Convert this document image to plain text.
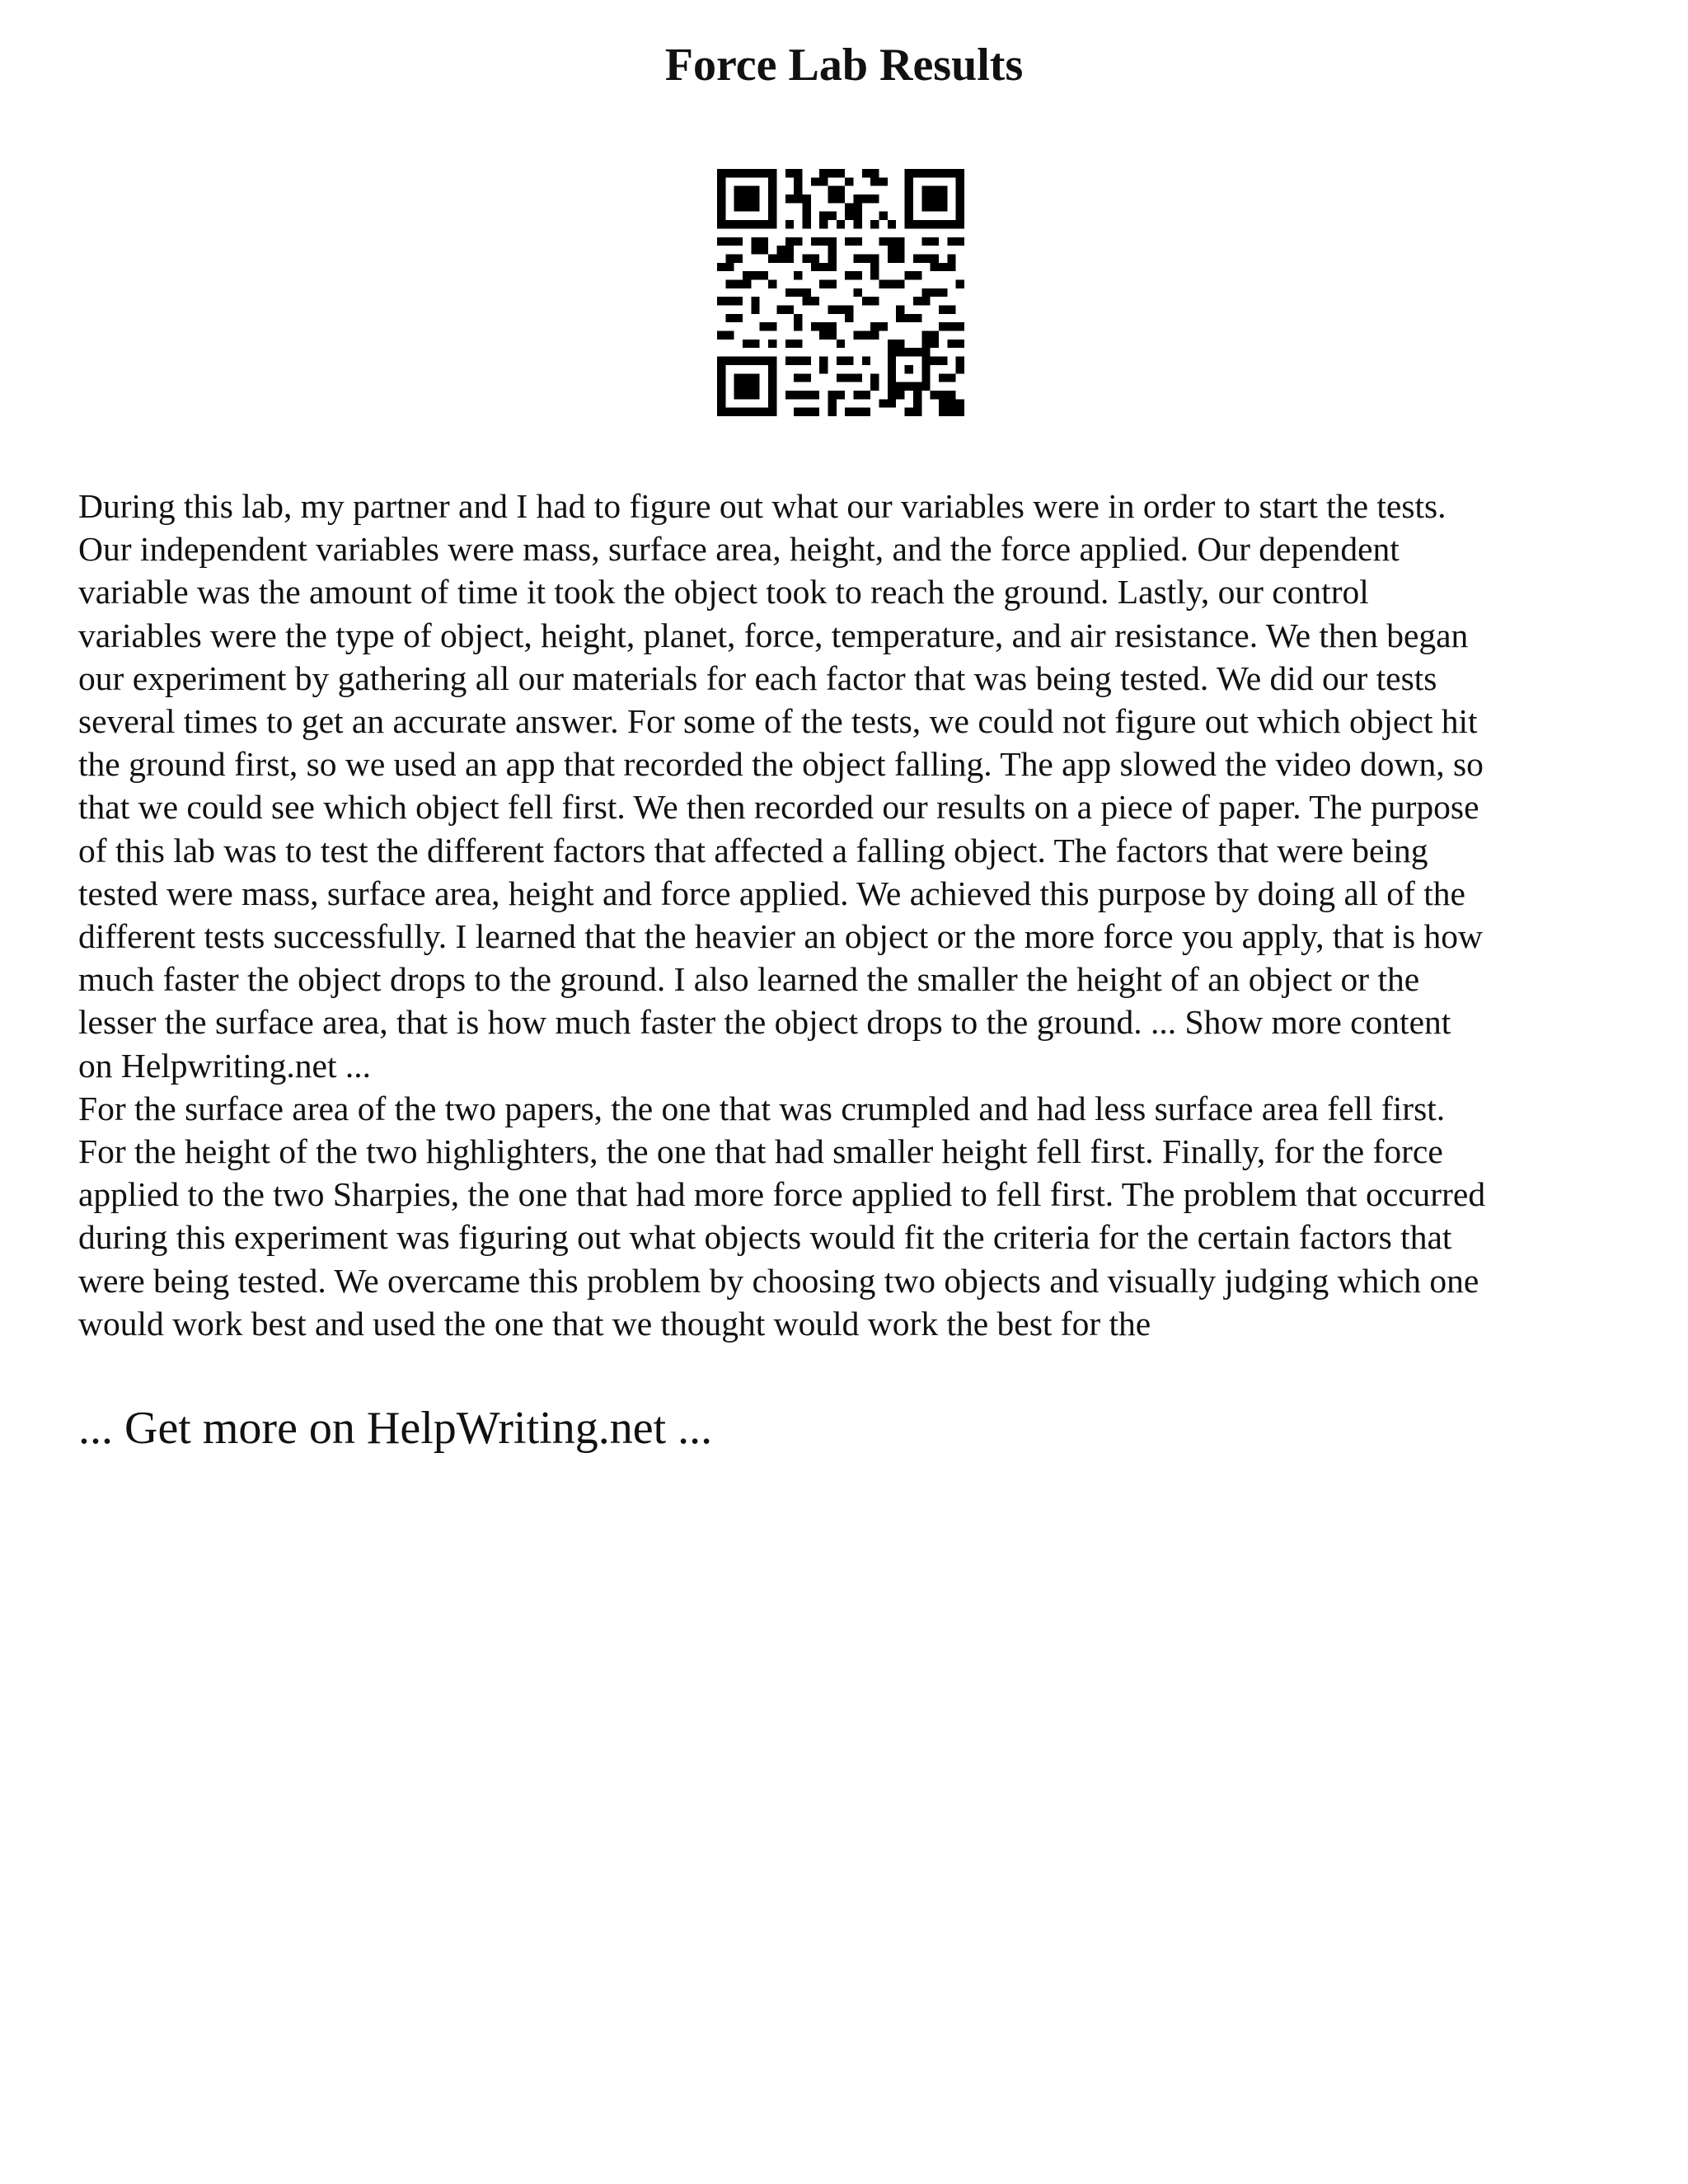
Force Lab Results

During this lab, my partner and I had to figure out what our variables were in order to start the tests.
Our independent variables were mass, surface area, height, and the force applied. Our dependent
variable was the amount of time it took the object took to reach the ground. Lastly, our control
variables were the type of object, height, planet, force, temperature, and air resistance. We then began
our experiment by gathering all our materials for each factor that was being tested. We did our tests
several times to get an accurate answer. For some of the tests, we could not figure out which object hit
the ground first, so we used an app that recorded the object falling. The app slowed the video down, so
that we could see which object fell first. We then recorded our results on a piece of paper. The purpose
of this lab was to test the different factors that affected a falling object. The factors that were being
tested were mass, surface area, height and force applied. We achieved this purpose by doing all of the
different tests successfully. I learned that the heavier an object or the more force you apply, that is how
much faster the object drops to the ground. I also learned the smaller the height of an object or the
lesser the surface area, that is how much faster the object drops to the ground. ... Show more content
on Helpwriting.net ...
For the surface area of the two papers, the one that was crumpled and had less surface area fell first.
For the height of the two highlighters, the one that had smaller height fell first. Finally, for the force
applied to the two Sharpies, the one that had more force applied to fell first. The problem that occurred
during this experiment was figuring out what objects would fit the criteria for the certain factors that
were being tested. We overcame this problem by choosing two objects and visually judging which one
would work best and used the one that we thought would work the best for the

... Get more on HelpWriting.net ...
